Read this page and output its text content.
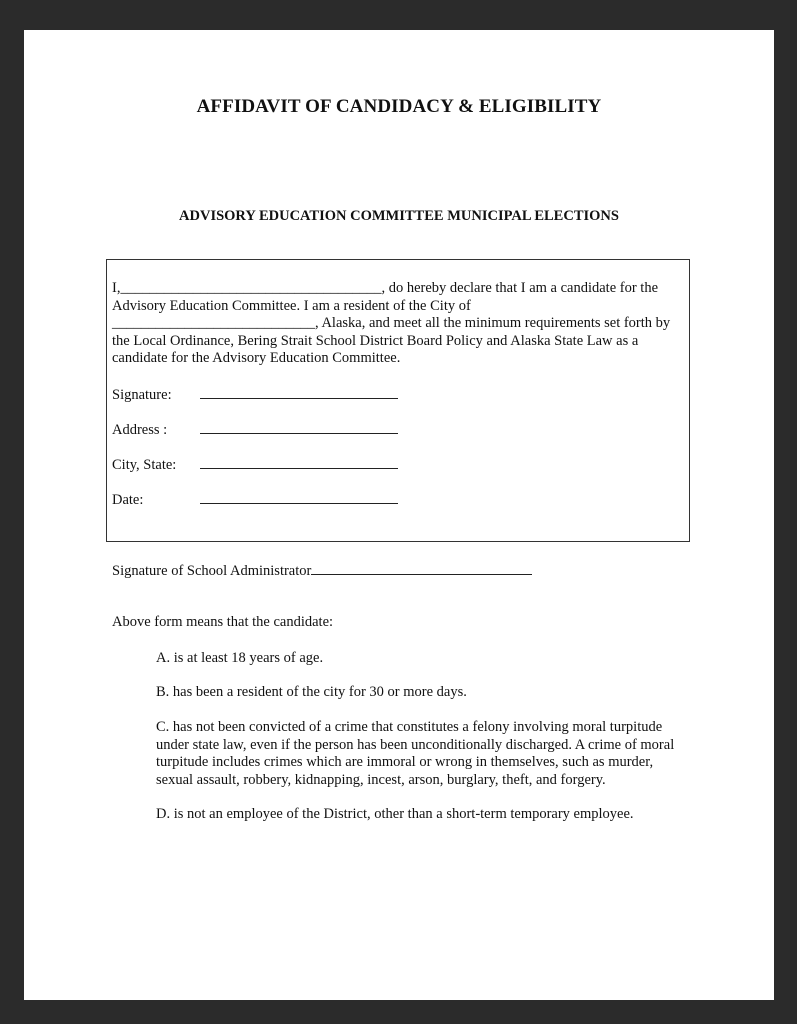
AFFIDAVIT OF CANDIDACY & ELIGIBILITY
ADVISORY EDUCATION COMMITTEE MUNICIPAL ELECTIONS
I,____________________________________, do hereby declare that I am a candidate for the Advisory Education Committee. I am a resident of the City of ____________________________, Alaska, and meet all the minimum requirements set forth by the Local Ordinance, Bering Strait School District Board Policy and Alaska State Law as a candidate for the Advisory Education Committee.
Signature:
Address :
City, State:
Date:
Signature of School Administrator
Above form means that the candidate:
A. is at least 18 years of age.
B. has been a resident of the city for 30 or more days.
C. has not been convicted of a crime that constitutes a felony involving moral turpitude under state law, even if the person has been unconditionally discharged. A crime of moral turpitude includes crimes which are immoral or wrong in themselves, such as murder, sexual assault, robbery, kidnapping, incest, arson, burglary, theft, and forgery.
D. is not an employee of the District, other than a short-term temporary employee.
